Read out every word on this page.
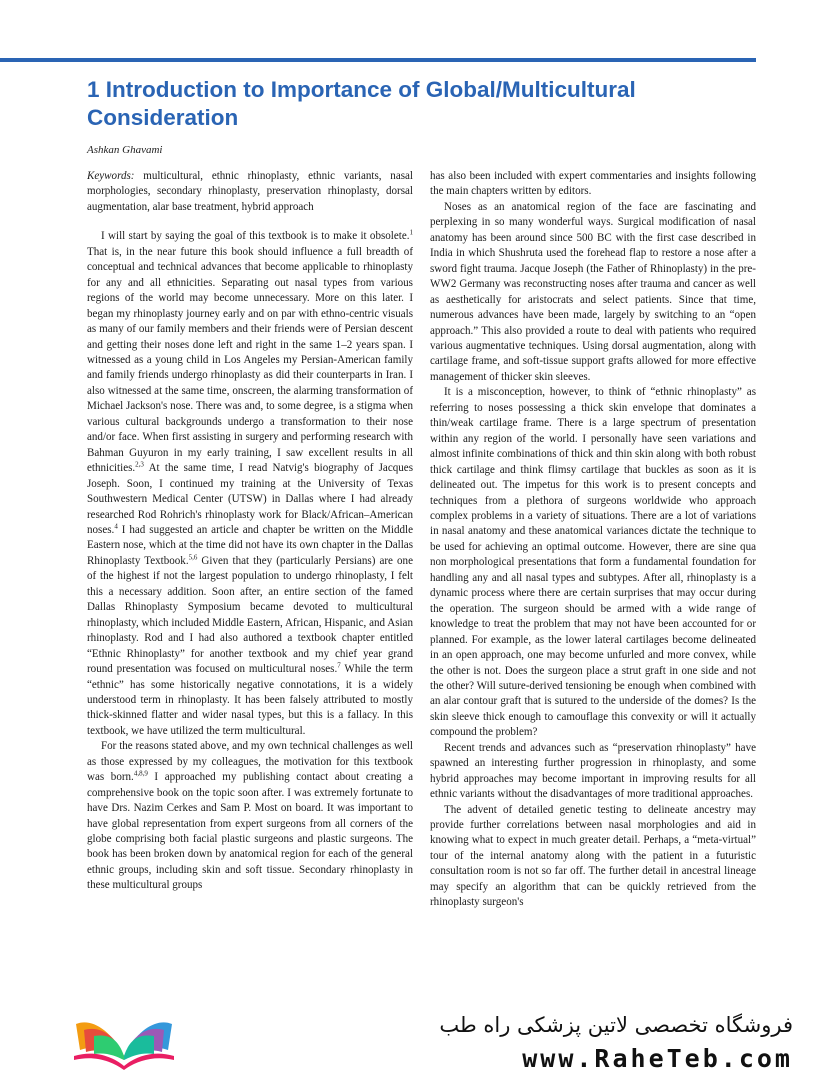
1 Introduction to Importance of Global/Multicultural Consideration
Ashkan Ghavami

Keywords: multicultural, ethnic rhinoplasty, ethnic variants, nasal morphologies, secondary rhinoplasty, preservation rhinoplasty, dorsal augmentation, alar base treatment, hybrid approach

I will start by saying the goal of this textbook is to make it obsolete.$^1$ That is, in the near future this book should influence a full breadth of conceptual and technical advances that become applicable to rhinoplasty for any and all ethnicities. Separating out nasal types from various regions of the world may become unnecessary. More on this later. I began my rhinoplasty journey early and on par with ethno-centric visuals as many of our family members and their friends were of Persian descent and getting their noses done left and right in the same 1–2 years span. I witnessed as a young child in Los Angeles my Persian-American family and family friends undergo rhinoplasty as did their counterparts in Iran. I also witnessed at the same time, onscreen, the alarming transformation of Michael Jackson's nose. There was and, to some degree, is a stigma when various cultural backgrounds undergo a transformation to their nose and/or face. When first assisting in surgery and performing research with Bahman Guyuron in my early training, I saw excellent results in all ethnicities.$^{2,3}$ At the same time, I read Natvig's biography of Jacques Joseph. Soon, I continued my training at the University of Texas Southwestern Medical Center (UTSW) in Dallas where I had already researched Rod Rohrich's rhinoplasty work for Black/African–American noses.$^4$ I had suggested an article and chapter be written on the Middle Eastern nose, which at the time did not have its own chapter in the Dallas Rhinoplasty Textbook.$^{5,6}$ Given that they (particularly Persians) are one of the highest if not the largest population to undergo rhinoplasty, I felt this a necessary addition. Soon after, an entire section of the famed Dallas Rhinoplasty Symposium became devoted to multicultural rhinoplasty, which included Middle Eastern, African, Hispanic, and Asian rhinoplasty. Rod and I had also authored a textbook chapter entitled “Ethnic Rhinoplasty” for another textbook and my chief year grand round presentation was focused on multicultural noses.$^7$ While the term “ethnic” has some historically negative connotations, it is a widely understood term in rhinoplasty. It has been falsely attributed to mostly thick-skinned flatter and wider nasal types, but this is a fallacy. In this textbook, we have utilized the term multicultural.

For the reasons stated above, and my own technical challenges as well as those expressed by my colleagues, the motivation for this textbook was born.$^{4,8,9}$ I approached my publishing contact about creating a comprehensive book on the topic soon after. I was extremely fortunate to have Drs. Nazim Cerkes and Sam P. Most on board. It was important to have global representation from expert surgeons from all corners of the globe comprising both facial plastic surgeons and plastic surgeons. The book has been broken down by anatomical region for each of the general ethnic groups, including skin and soft tissue. Secondary rhinoplasty in these multicultural groups

has also been included with expert commentaries and insights following the main chapters written by editors.

Noses as an anatomical region of the face are fascinating and perplexing in so many wonderful ways. Surgical modification of nasal anatomy has been around since 500 BC with the first case described in India in which Shushruta used the forehead flap to restore a nose after a sword fight trauma. Jacque Joseph (the Father of Rhinoplasty) in the pre-WW2 Germany was reconstructing noses after trauma and cancer as well as aesthetically for aristocrats and select patients. Since that time, numerous advances have been made, largely by switching to an “open approach.” This also provided a route to deal with patients who required various augmentative techniques. Using dorsal augmentation, along with cartilage frame, and soft-tissue support grafts allowed for more effective management of thicker skin sleeves.

It is a misconception, however, to think of “ethnic rhinoplasty” as referring to noses possessing a thick skin envelope that dominates a thin/weak cartilage frame. There is a large spectrum of presentation within any region of the world. I personally have seen variations and almost infinite combinations of thick and thin skin along with both robust thick cartilage and think flimsy cartilage that buckles as soon as it is delineated out. The impetus for this work is to present concepts and techniques from a plethora of surgeons worldwide who approach complex problems in a variety of situations. There are a lot of variations in nasal anatomy and these anatomical variances dictate the technique to be used for achieving an optimal outcome. However, there are sine qua non morphological presentations that form a fundamental foundation for handling any and all nasal types and subtypes. After all, rhinoplasty is a dynamic process where there are certain surprises that may occur during the operation. The surgeon should be armed with a wide range of knowledge to treat the problem that may not have been accounted for or planned. For example, as the lower lateral cartilages become delineated in an open approach, one may become unfurled and more convex, while the other is not. Does the surgeon place a strut graft in one side and not the other? Will suture-derived tensioning be enough when combined with an alar contour graft that is sutured to the underside of the domes? Is the skin sleeve thick enough to camouflage this convexity or will it actually compound the problem?

Recent trends and advances such as “preservation rhinoplasty” have spawned an interesting further progression in rhinoplasty, and some hybrid approaches may become important in improving results for all ethnic variants without the disadvantages of more traditional approaches.

The advent of detailed genetic testing to delineate ancestry may provide further correlations between nasal morphologies and aid in knowing what to expect in much greater detail. Perhaps, a “meta-virtual” tour of the internal anatomy along with the patient in a futuristic consultation room is not so far off. The further detail in ancestral lineage may specify an algorithm that can be quickly retrieved from the rhinoplasty surgeon's

فروشگاه تخصصی لاتین پزشکی راه طب
www.RaheTeb.com
